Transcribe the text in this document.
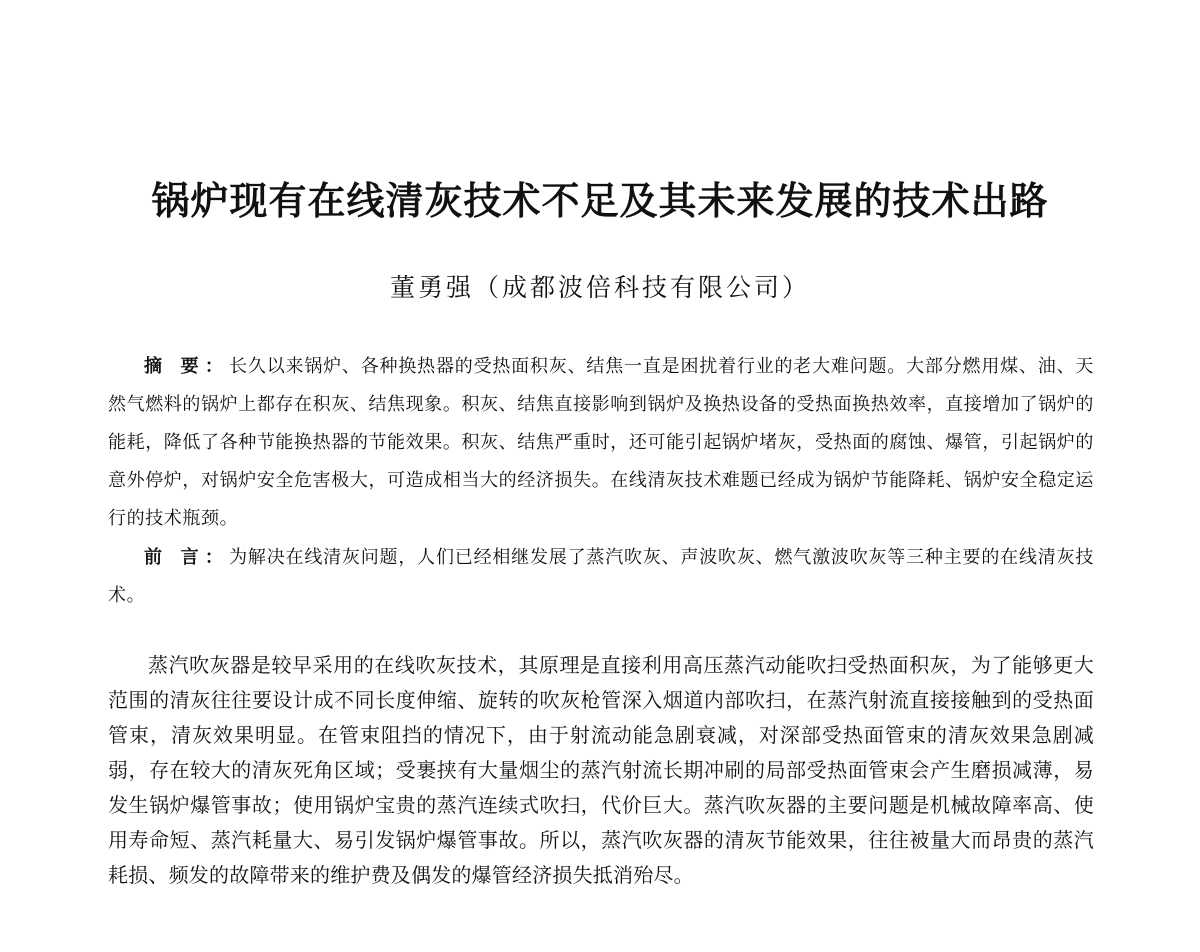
锅炉现有在线清灰技术不足及其未来发展的技术出路

董勇强（成都波倍科技有限公司）

摘 要：长久以来锅炉、各种换热器的受热面积灰、结焦一直是困扰着行业的老大难问题。大部分燃用煤、油、天然气燃料的锅炉上都存在积灰、结焦现象。积灰、结焦直接影响到锅炉及换热设备的受热面换热效率，直接增加了锅炉的能耗，降低了各种节能换热器的节能效果。积灰、结焦严重时，还可能引起锅炉堵灰，受热面的腐蚀、爆管，引起锅炉的意外停炉，对锅炉安全危害极大，可造成相当大的经济损失。在线清灰技术难题已经成为锅炉节能降耗、锅炉安全稳定运行的技术瓶颈。

前 言：为解决在线清灰问题，人们已经相继发展了蒸汽吹灰、声波吹灰、燃气激波吹灰等三种主要的在线清灰技术。

蒸汽吹灰器是较早采用的在线吹灰技术，其原理是直接利用高压蒸汽动能吹扫受热面积灰，为了能够更大范围的清灰往往要设计成不同长度伸缩、旋转的吹灰枪管深入烟道内部吹扫，在蒸汽射流直接接触到的受热面管束，清灰效果明显。在管束阻挡的情况下，由于射流动能急剧衰减，对深部受热面管束的清灰效果急剧减弱，存在较大的清灰死角区域；受裹挟有大量烟尘的蒸汽射流长期冲刷的局部受热面管束会产生磨损减薄，易发生锅炉爆管事故；使用锅炉宝贵的蒸汽连续式吹扫，代价巨大。蒸汽吹灰器的主要问题是机械故障率高、使用寿命短、蒸汽耗量大、易引发锅炉爆管事故。所以，蒸汽吹灰器的清灰节能效果，往往被量大而昂贵的蒸汽耗损、频发的故障带来的维护费及偶发的爆管经济损失抵消殆尽。
